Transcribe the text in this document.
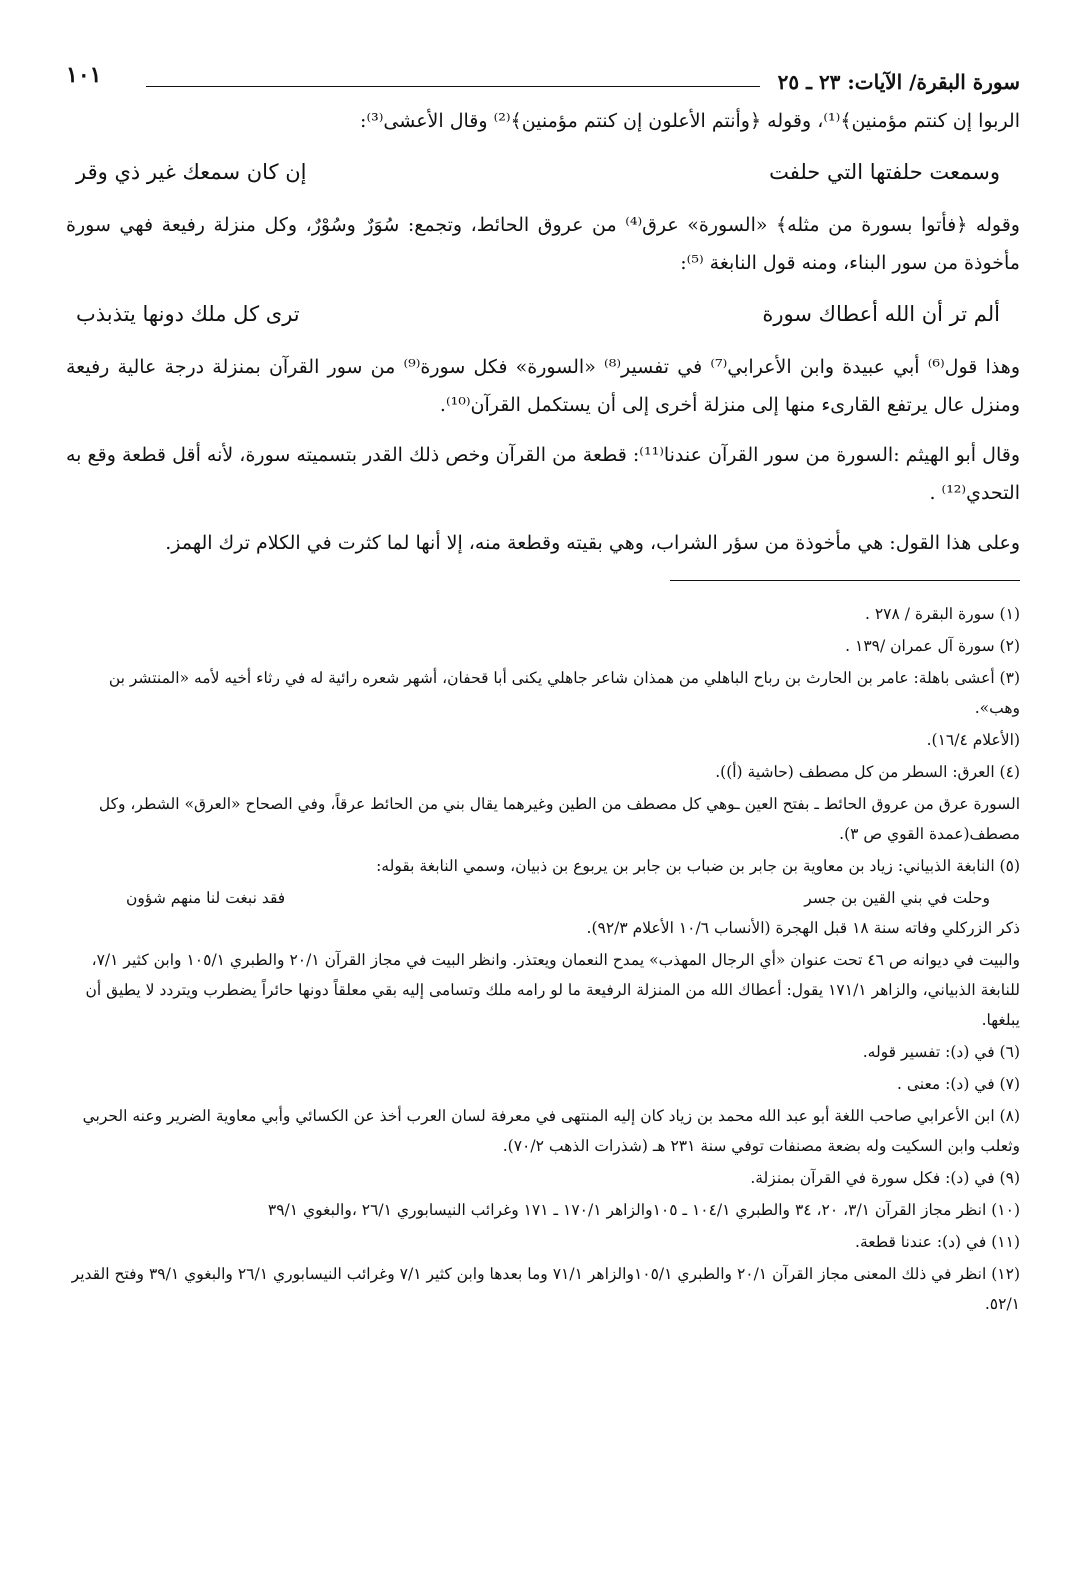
سورة البقرة/ الآيات: ٢٣ ـ ٢٥
١٠١

الربوا إن كنتم مؤمنين﴾⁽¹⁾، وقوله ﴿وأنتم الأعلون إن كنتم مؤمنين﴾⁽²⁾ وقال الأعشى⁽³⁾:

وسمعت حلفتها التي حلفت
إن كان سمعك غير ذي وقر

وقوله ﴿فأتوا بسورة من مثله﴾ «السورة» عرق⁽⁴⁾ من عروق الحائط، وتجمع: سُوَرٌ وسُوْرٌ، وكل منزلة رفيعة فهي سورة مأخوذة من سور البناء، ومنه قول النابغة ⁽⁵⁾:

ألم تر أن الله أعطاك سورة
ترى كل ملك دونها يتذبذب

وهذا قول⁽⁶⁾ أبي عبيدة وابن الأعرابي⁽⁷⁾ في تفسير⁽⁸⁾ «السورة» فكل سورة⁽⁹⁾ من سور القرآن بمنزلة درجة عالية رفيعة ومنزل عال يرتفع القارىء منها إلى منزلة أخرى إلى أن يستكمل القرآن⁽¹⁰⁾.

وقال أبو الهيثم :السورة من سور القرآن عندنا⁽¹¹⁾: قطعة من القرآن وخص ذلك القدر بتسميته سورة، لأنه أقل قطعة وقع به التحدي⁽¹²⁾ .

وعلى هذا القول: هي مأخوذة من سؤر الشراب، وهي بقيته وقطعة منه، إلا أنها لما كثرت في الكلام ترك الهمز.

(١) سورة البقرة / ٢٧٨ .
(٢) سورة آل عمران /١٣٩ .
(٣) أعشى باهلة: عامر بن الحارث بن رباح الباهلي من همذان شاعر جاهلي يكنى أبا قحفان، أشهر شعره رائية له في رثاء أخيه لأمه «المنتشر بن وهب».
(الأعلام ١٦/٤).
(٤) العرق: السطر من كل مصطف (حاشية (أ)).
السورة عرق من عروق الحائط ـ بفتح العين ـوهي كل مصطف من الطين وغيرهما يقال بني من الحائط عرقاً، وفي الصحاح «العرق» الشطر، وكل مصطف(عمدة القوي ص ٣).
(٥) النابغة الذبياني: زياد بن معاوية بن جابر بن ضباب بن جابر بن يربوع بن ذبيان، وسمي النابغة بقوله:
وحلت في بني القين بن جسر
فقد نبغت لنا منهم شؤون
ذكر الزركلي وفاته سنة ١٨ قبل الهجرة (الأنساب ١٠/٦ الأعلام ٩٢/٣).
والبيت في ديوانه ص ٤٦ تحت عنوان «أي الرجال المهذب» يمدح النعمان ويعتذر. وانظر البيت في مجاز القرآن ٢٠/١ والطبري ١٠٥/١ وابن كثير ٧/١، للنابغة الذبياني، والزاهر ١٧١/١ يقول: أعطاك الله من المنزلة الرفيعة ما لو رامه ملك وتسامى إليه بقي معلقاً دونها حائراً يضطرب ويتردد لا يطيق أن يبلغها.
(٦) في (د): تفسير قوله.
(٧) في (د): معنى .
(٨) ابن الأعرابي صاحب اللغة أبو عبد الله محمد بن زياد كان إليه المنتهى في معرفة لسان العرب أخذ عن الكسائي وأبي معاوية الضرير وعنه الحربي وثعلب وابن السكيت وله بضعة مصنفات توفي سنة ٢٣١ هـ (شذرات الذهب ٧٠/٢).
(٩) في (د): فكل سورة في القرآن بمنزلة.
(١٠) انظر مجاز القرآن ٣/١، ٢٠، ٣٤ والطبري ١٠٤/١ ـ ١٠٥والزاهر ١٧٠/١ ـ ١٧١ وغرائب النيسابوري ٢٦/١ ،والبغوي ٣٩/١
(١١) في (د): عندنا قطعة.
(١٢) انظر في ذلك المعنى مجاز القرآن ٢٠/١ والطبري ١٠٥/١والزاهر ٧١/١ وما بعدها وابن كثير ٧/١ وغرائب النيسابوري ٢٦/١ والبغوي ٣٩/١ وفتح القدير ٥٢/١.
